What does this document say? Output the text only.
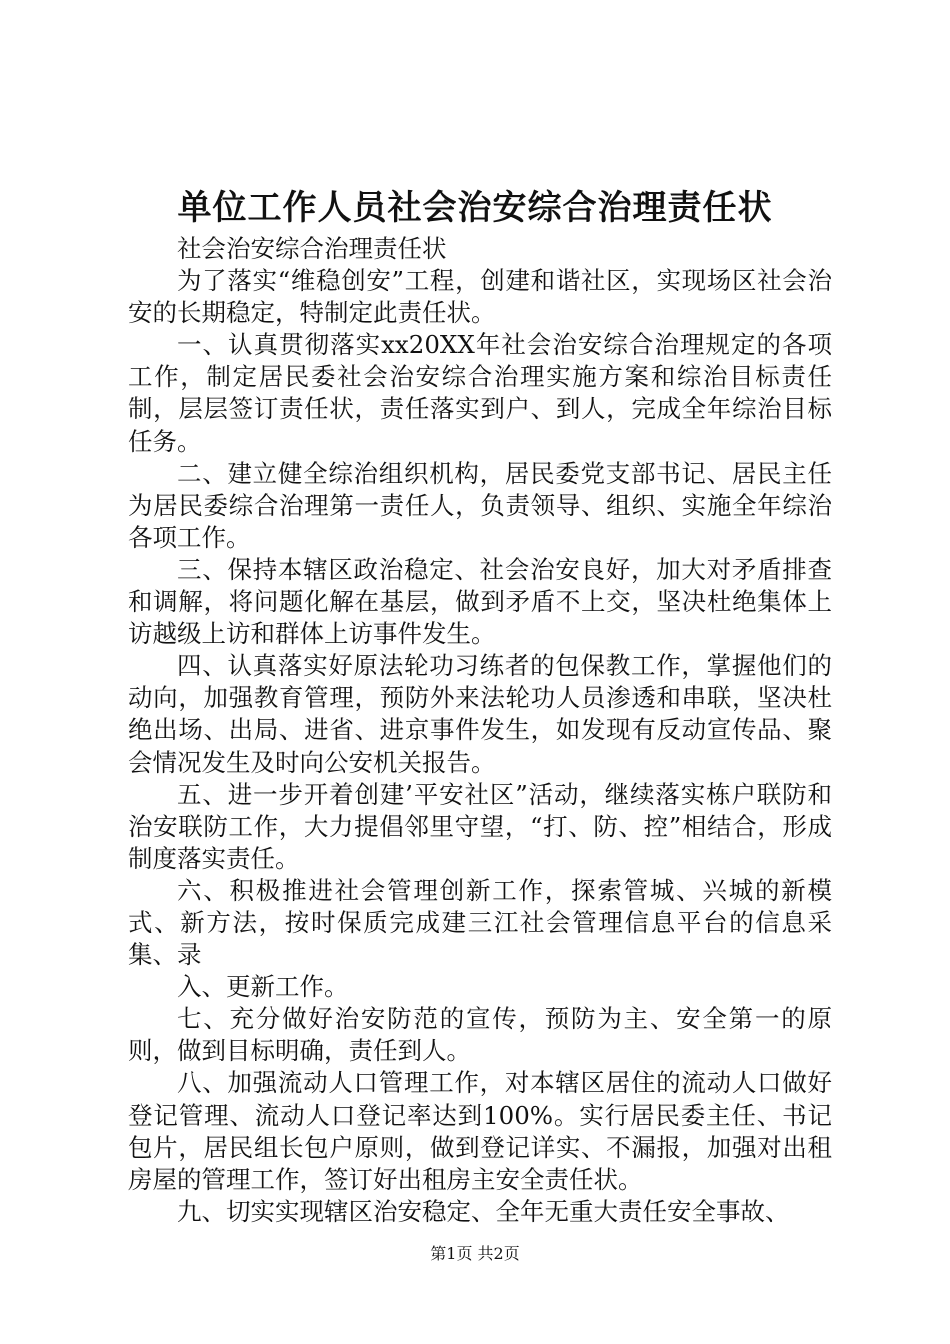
单位工作人员社会治安综合治理责任状

社会治安综合治理责任状

为了落实“维稳创安”工程，创建和谐社区，实现场区社会治安的长期稳定，特制定此责任状。

一、认真贯彻落实xx20XX年社会治安综合治理规定的各项工作，制定居民委社会治安综合治理实施方案和综治目标责任制，层层签订责任状，责任落实到户、到人，完成全年综治目标任务。

二、建立健全综治组织机构，居民委党支部书记、居民主任为居民委综合治理第一责任人，负责领导、组织、实施全年综治各项工作。

三、保持本辖区政治稳定、社会治安良好，加大对矛盾排查和调解，将问题化解在基层，做到矛盾不上交，坚决杜绝集体上访越级上访和群体上访事件发生。

四、认真落实好原法轮功习练者的包保教工作，掌握他们的动向，加强教育管理，预防外来法轮功人员渗透和串联，坚决杜绝出场、出局、进省、进京事件发生，如发现有反动宣传品、聚会情况发生及时向公安机关报告。

五、进一步开着创建’平安社区”活动，继续落实栋户联防和治安联防工作，大力提倡邻里守望，“打、防、控”相结合，形成制度落实责任。

六、积极推进社会管理创新工作，探索管城、兴城的新模式、新方法，按时保质完成建三江社会管理信息平台的信息采集、录

入、更新工作。

七、充分做好治安防范的宣传，预防为主、安全第一的原则，做到目标明确，责任到人。

八、加强流动人口管理工作，对本辖区居住的流动人口做好登记管理、流动人口登记率达到100%。实行居民委主任、书记包片，居民组长包户原则，做到登记详实、不漏报，加强对出租房屋的管理工作，签订好出租房主安全责任状。

九、切实实现辖区治安稳定、全年无重大责任安全事故、

第1页 共2页
